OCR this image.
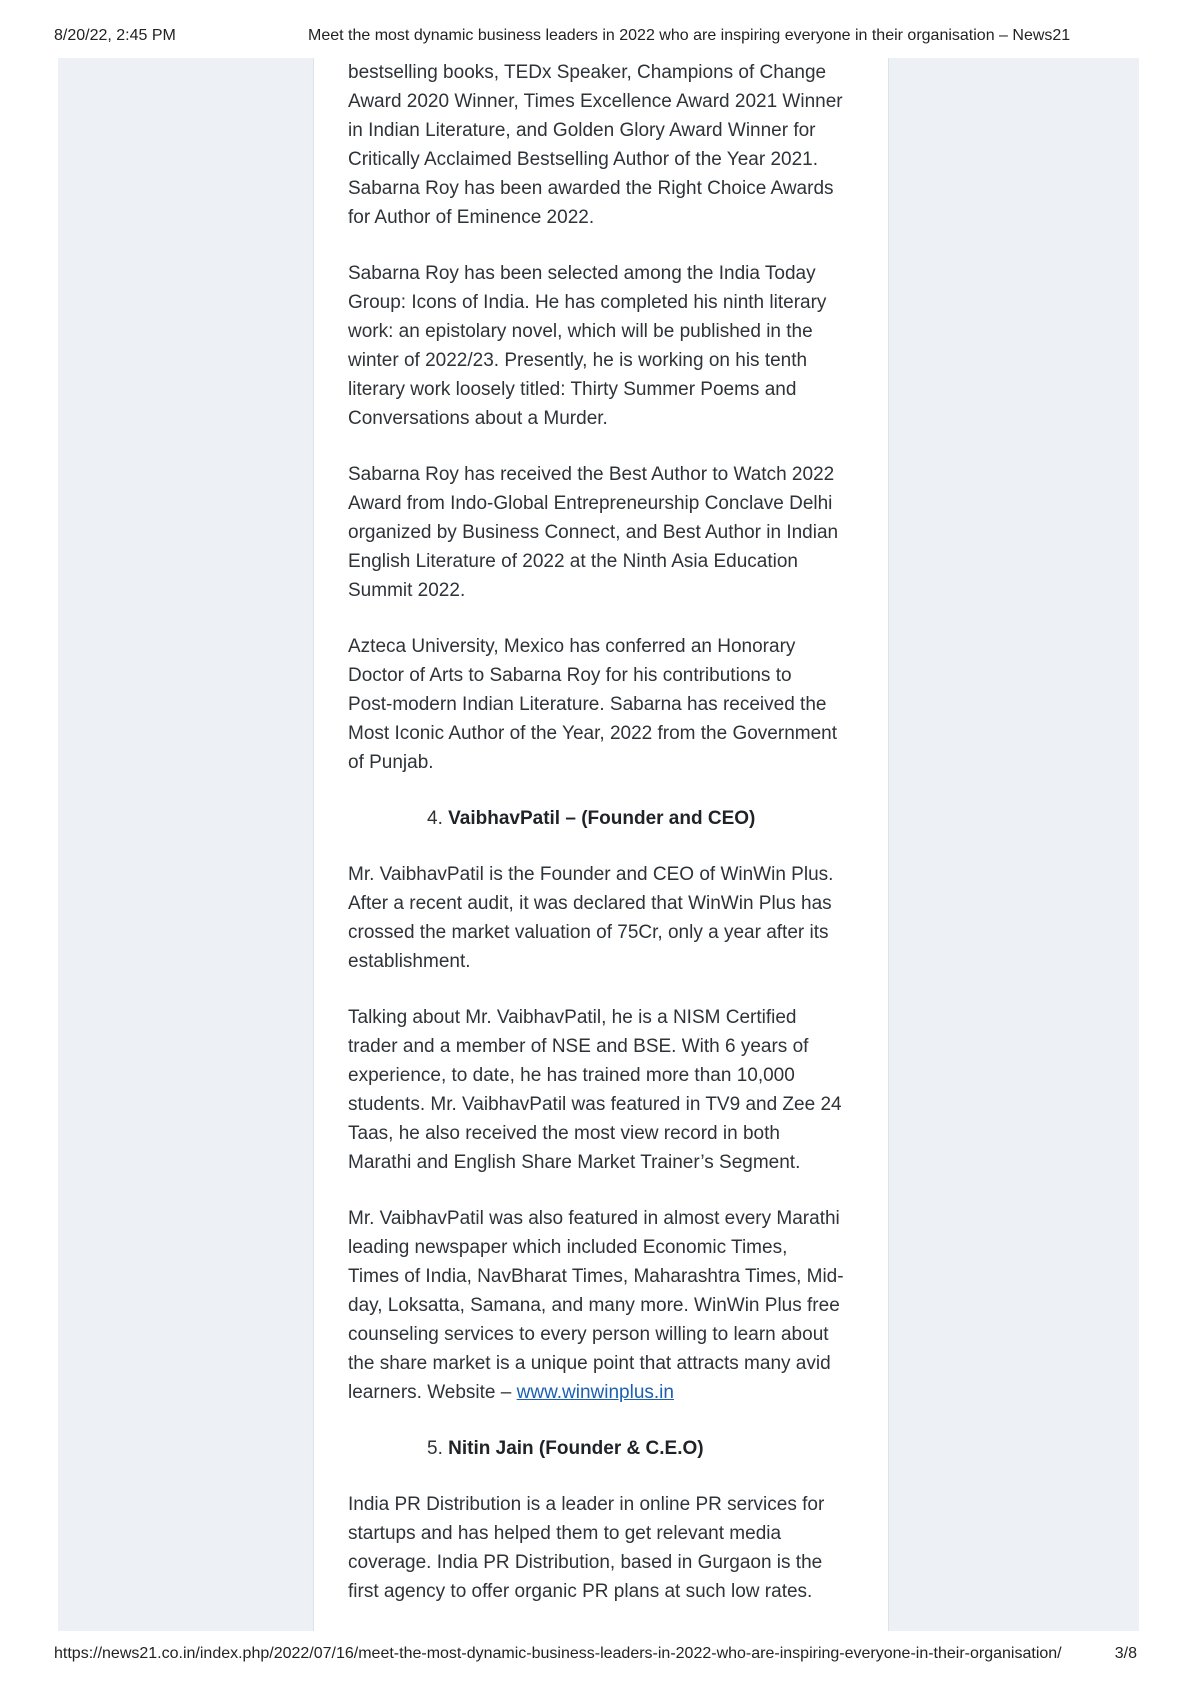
8/20/22, 2:45 PM	Meet the most dynamic business leaders in 2022 who are inspiring everyone in their organisation – News21

bestselling books, TEDx Speaker, Champions of Change
Award 2020 Winner, Times Excellence Award 2021 Winner
in Indian Literature, and Golden Glory Award Winner for
Critically Acclaimed Bestselling Author of the Year 2021.
Sabarna Roy has been awarded the Right Choice Awards
for Author of Eminence 2022.

Sabarna Roy has been selected among the India Today
Group: Icons of India. He has completed his ninth literary
work: an epistolary novel, which will be published in the
winter of 2022/23. Presently, he is working on his tenth
literary work loosely titled: Thirty Summer Poems and
Conversations about a Murder.

Sabarna Roy has received the Best Author to Watch 2022
Award from Indo-Global Entrepreneurship Conclave Delhi
organized by Business Connect, and Best Author in Indian
English Literature of 2022 at the Ninth Asia Education
Summit 2022.

Azteca University, Mexico has conferred an Honorary
Doctor of Arts to Sabarna Roy for his contributions to
Post-modern Indian Literature. Sabarna has received the
Most Iconic Author of the Year, 2022 from the Government
of Punjab.

4. VaibhavPatil – (Founder and CEO)

Mr. VaibhavPatil is the Founder and CEO of WinWin Plus.
After a recent audit, it was declared that WinWin Plus has
crossed the market valuation of 75Cr, only a year after its
establishment.

Talking about Mr. VaibhavPatil, he is a NISM Certified
trader and a member of NSE and BSE. With 6 years of
experience, to date, he has trained more than 10,000
students. Mr. VaibhavPatil was featured in TV9 and Zee 24
Taas, he also received the most view record in both
Marathi and English Share Market Trainer’s Segment.

Mr. VaibhavPatil was also featured in almost every Marathi
leading newspaper which included Economic Times,
Times of India, NavBharat Times, Maharashtra Times, Mid-
day, Loksatta, Samana, and many more. WinWin Plus free
counseling services to every person willing to learn about
the share market is a unique point that attracts many avid
learners. Website – www.winwinplus.in

5. Nitin Jain (Founder & C.E.O)

India PR Distribution is a leader in online PR services for
startups and has helped them to get relevant media
coverage. India PR Distribution, based in Gurgaon is the
first agency to offer organic PR plans at such low rates.

https://news21.co.in/index.php/2022/07/16/meet-the-most-dynamic-business-leaders-in-2022-who-are-inspiring-everyone-in-their-organisation/	3/8
